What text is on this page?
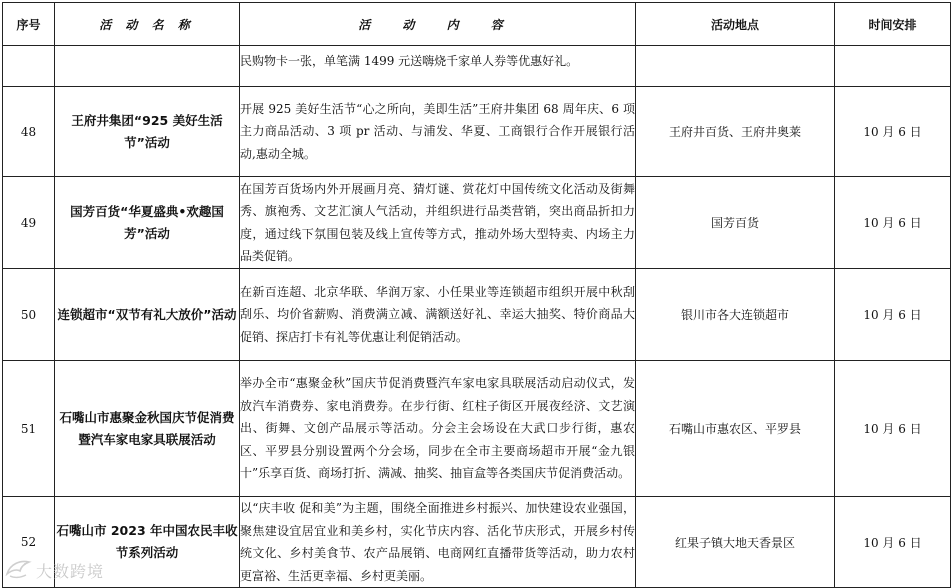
序号	活 动 名 称	活 动 内 容	活动地点	时间安排

		民购物卡一张，单笔满 1499 元送嗨烧千家单人券等优惠好礼。		

48	王府井集团“925 美好生活节”活动	开展 925 美好生活节“心之所向，美即生活”王府井集团 68 周年庆、6 项主力商品活动、3 项 pr 活动、与浦发、华夏、工商银行合作开展银行活动,惠动全城。	王府井百货、王府井奥莱	10 月 6 日
49	国芳百货“华夏盛典•欢趣国芳”活动	在国芳百货场内外开展画月亮、猜灯谜、赏花灯中国传统文化活动及街舞秀、旗袍秀、文艺汇演人气活动，并组织进行品类营销，突出商品折扣力度，通过线下氛围包装及线上宣传等方式，推动外场大型特卖、内场主力品类促销。	国芳百货	10 月 6 日
50	连锁超市“双节有礼大放价”活动	在新百连超、北京华联、华润万家、小任果业等连锁超市组织开展中秋刮刮乐、均价省薪购、消费满立减、满额送好礼、幸运大抽奖、特价商品大促销、探店打卡有礼等优惠让利促销活动。	银川市各大连锁超市	10 月 6 日
51	石嘴山市惠聚金秋国庆节促消费暨汽车家电家具联展活动	举办全市“惠聚金秋”国庆节促消费暨汽车家电家具联展活动启动仪式，发放汽车消费券、家电消费券。在步行街、红柱子街区开展夜经济、文艺演出、街舞、文创产品展示等活动。分会主会场设在大武口步行街，惠农区、平罗县分别设置两个分会场，同步在全市主要商场超市开展“金九银十”乐享百货、商场打折、满减、抽奖、抽盲盒等各类国庆节促消费活动。	石嘴山市惠农区、平罗县	10 月 6 日
52	石嘴山市 2023 年中国农民丰收节系列活动	以“庆丰收 促和美”为主题，围绕全面推进乡村振兴、加快建设农业强国，聚焦建设宜居宜业和美乡村，实化节庆内容、活化节庆形式，开展乡村传统文化、乡村美食节、农产品展销、电商网红直播带货等活动，助力农村更富裕、生活更幸福、乡村更美丽。	红果子镇大地天香景区	10 月 6 日
大数跨境
